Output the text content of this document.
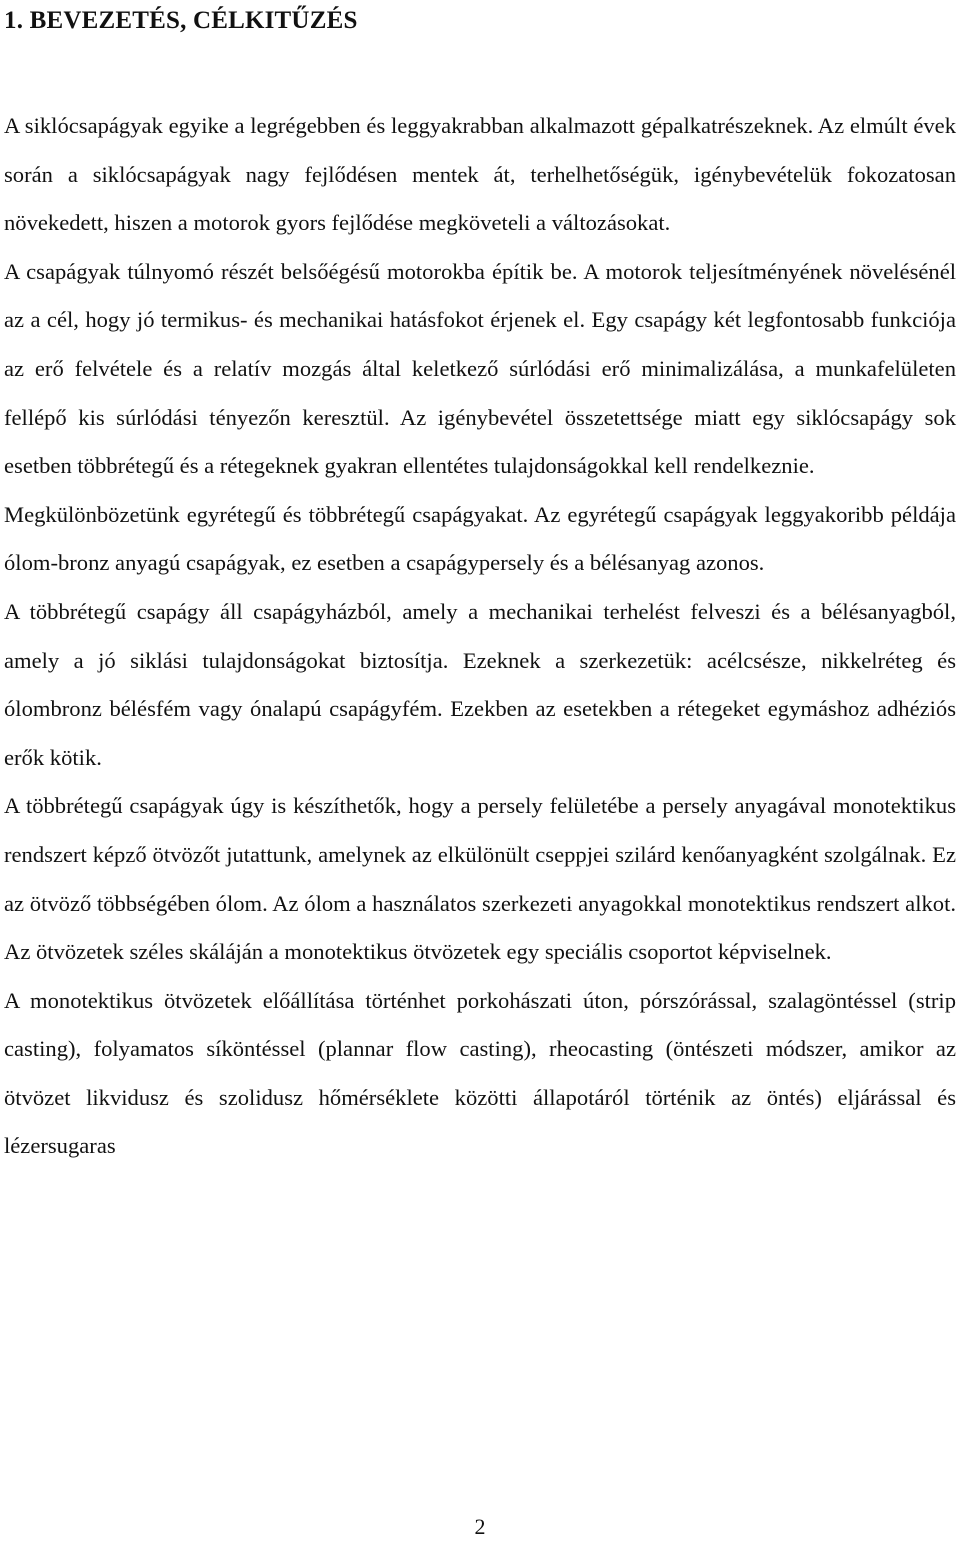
1. BEVEZETÉS, CÉLKITŰZÉS

A siklócsapágyak egyike a legrégebben és leggyakrabban alkalmazott gépalkatrészeknek. Az elmúlt évek során a siklócsapágyak nagy fejlődésen mentek át, terhelhetőségük, igénybevételük fokozatosan növekedett, hiszen a motorok gyors fejlődése megköveteli a változásokat.

A csapágyak túlnyomó részét belsőégésű motorokba építik be. A motorok teljesítményének növelésénél az a cél, hogy jó termikus- és mechanikai hatásfokot érjenek el. Egy csapágy két legfontosabb funkciója az erő felvétele és a relatív mozgás által keletkező súrlódási erő minimalizálása, a munkafelületen fellépő kis súrlódási tényezőn keresztül. Az igénybevétel összetettsége miatt egy siklócsapágy sok esetben többrétegű és a rétegeknek gyakran ellentétes tulajdonságokkal kell rendelkeznie.

Megkülönbözetünk egyrétegű és többrétegű csapágyakat. Az egyrétegű csapágyak leggyakoribb példája ólom-bronz anyagú csapágyak, ez esetben a csapágypersely és a bélésanyag azonos.

A többrétegű csapágy áll csapágyházból, amely a mechanikai terhelést felveszi és a bélésanyagból, amely a jó siklási tulajdonságokat biztosítja. Ezeknek a szerkezetük: acélcsésze, nikkelréteg és ólombronz bélésfém vagy ónalapú csapágyfém. Ezekben az esetekben a rétegeket egymáshoz adhéziós erők kötik.

A többrétegű csapágyak úgy is készíthetők, hogy a persely felületébe a persely anyagával monotektikus rendszert képző ötvözőt jutattunk, amelynek az elkülönült cseppjei szilárd kenőanyagként szolgálnak. Ez az ötvöző többségében ólom. Az ólom a használatos szerkezeti anyagokkal monotektikus rendszert alkot. Az ötvözetek széles skáláján a monotektikus ötvözetek egy speciális csoportot képviselnek.

A monotektikus ötvözetek előállítása történhet porkohászati úton, pórszórással, szalagöntéssel (strip casting), folyamatos síköntéssel (plannar flow casting), rheocasting (öntészeti módszer, amikor az ötvözet likvidusz és szolidusz hőmérséklete közötti állapotáról történik az öntés) eljárással és lézersugaras

2
